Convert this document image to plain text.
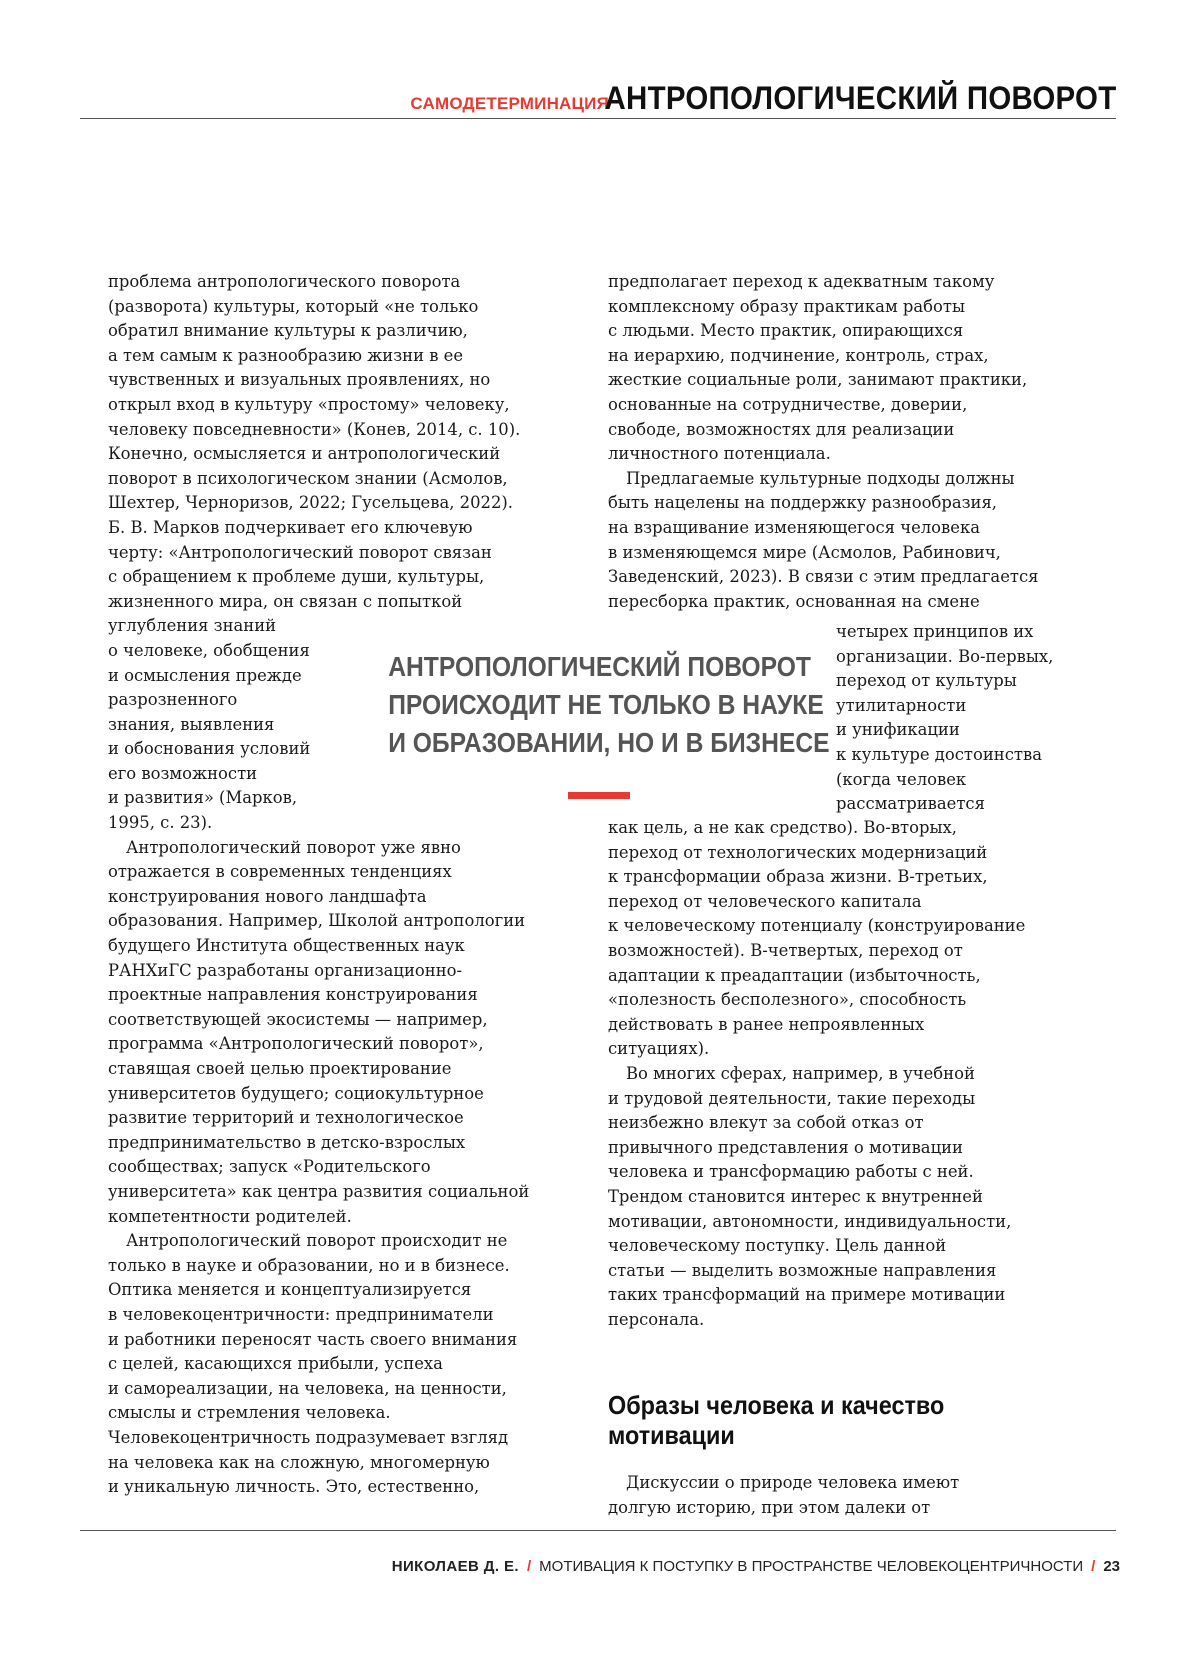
САМОДЕТЕРМИНАЦИЯ
АНТРОПОЛОГИЧЕСКИЙ ПОВОРОТ
проблема антропологического поворота
(разворота) культуры, который «не только
обратил внимание культуры к различию,
а тем самым к разнообразию жизни в ее
чувственных и визуальных проявлениях, но
открыл вход в культуру «простому» человеку,
человеку повседневности» (Конев, 2014, с. 10).
Конечно, осмысляется и антропологический
поворот в психологическом знании (Асмолов,
Шехтер, Черноризов, 2022; Гусельцева, 2022).
Б. В. Марков подчеркивает его ключевую
черту: «Антропологический поворот связан
с обращением к проблеме души, культуры,
жизненного мира, он связан с попыткой
углубления знаний
о человеке, обобщения
и осмысления прежде
разрозненного
знания, выявления
и обоснования условий
его возможности
и развития» (Марков,
1995, с. 23).
Антропологический поворот уже явно
отражается в современных тенденциях
конструирования нового ландшафта
образования. Например, Школой антропологии
будущего Института общественных наук
РАНХиГС разработаны организационно-
проектные направления конструирования
соответствующей экосистемы — например,
программа «Антропологический поворот»,
ставящая своей целью проектирование
университетов будущего; социокультурное
развитие территорий и технологическое
предпринимательство в детско-взрослых
сообществах; запуск «Родительского
университета» как центра развития социальной
компетентности родителей.
Антропологический поворот происходит не
только в науке и образовании, но и в бизнесе.
Оптика меняется и концептуализируется
в человекоцентричности: предприниматели
и работники переносят часть своего внимания
с целей, касающихся прибыли, успеха
и самореализации, на человека, на ценности,
смыслы и стремления человека.
Человекоцентричность подразумевает взгляд
на человека как на сложную, многомерную
и уникальную личность. Это, естественно,
предполагает переход к адекватным такому
комплексному образу практикам работы
с людьми. Место практик, опирающихся
на иерархию, подчинение, контроль, страх,
жесткие социальные роли, занимают практики,
основанные на сотрудничестве, доверии,
свободе, возможностях для реализации
личностного потенциала.
Предлагаемые культурные подходы должны
быть нацелены на поддержку разнообразия,
на взращивание изменяющегося человека
в изменяющемся мире (Асмолов, Рабинович,
Заведенский, 2023). В связи с этим предлагается
пересборка практик, основанная на смене
четырех принципов их
организации. Во-первых,
переход от культуры
утилитарности
и унификации
к культуре достоинства
(когда человек
рассматривается
как цель, а не как средство). Во-вторых,
переход от технологических модернизаций
к трансформации образа жизни. В-третьих,
переход от человеческого капитала
к человеческому потенциалу (конструирование
возможностей). В-четвертых, переход от
адаптации к преадаптации (избыточность,
«полезность бесполезного», способность
действовать в ранее непроявленных
ситуациях).
Во многих сферах, например, в учебной
и трудовой деятельности, такие переходы
неизбежно влекут за собой отказ от
привычного представления о мотивации
человека и трансформацию работы с ней.
Трендом становится интерес к внутренней
мотивации, автономности, индивидуальности,
человеческому поступку. Цель данной
статьи — выделить возможные направления
таких трансформаций на примере мотивации
персонала.
АНТРОПОЛОГИЧЕСКИЙ ПОВОРОТ
ПРОИСХОДИТ НЕ ТОЛЬКО В НАУКЕ
И ОБРАЗОВАНИИ, НО И В БИЗНЕСЕ
Образы человека и качество
мотивации
Дискуссии о природе человека имеют
долгую историю, при этом далеки от
НИКОЛАЕВ Д. Е. / МОТИВАЦИЯ К ПОСТУПКУ В ПРОСТРАНСТВЕ ЧЕЛОВЕКОЦЕНТРИЧНОСТИ / 23
